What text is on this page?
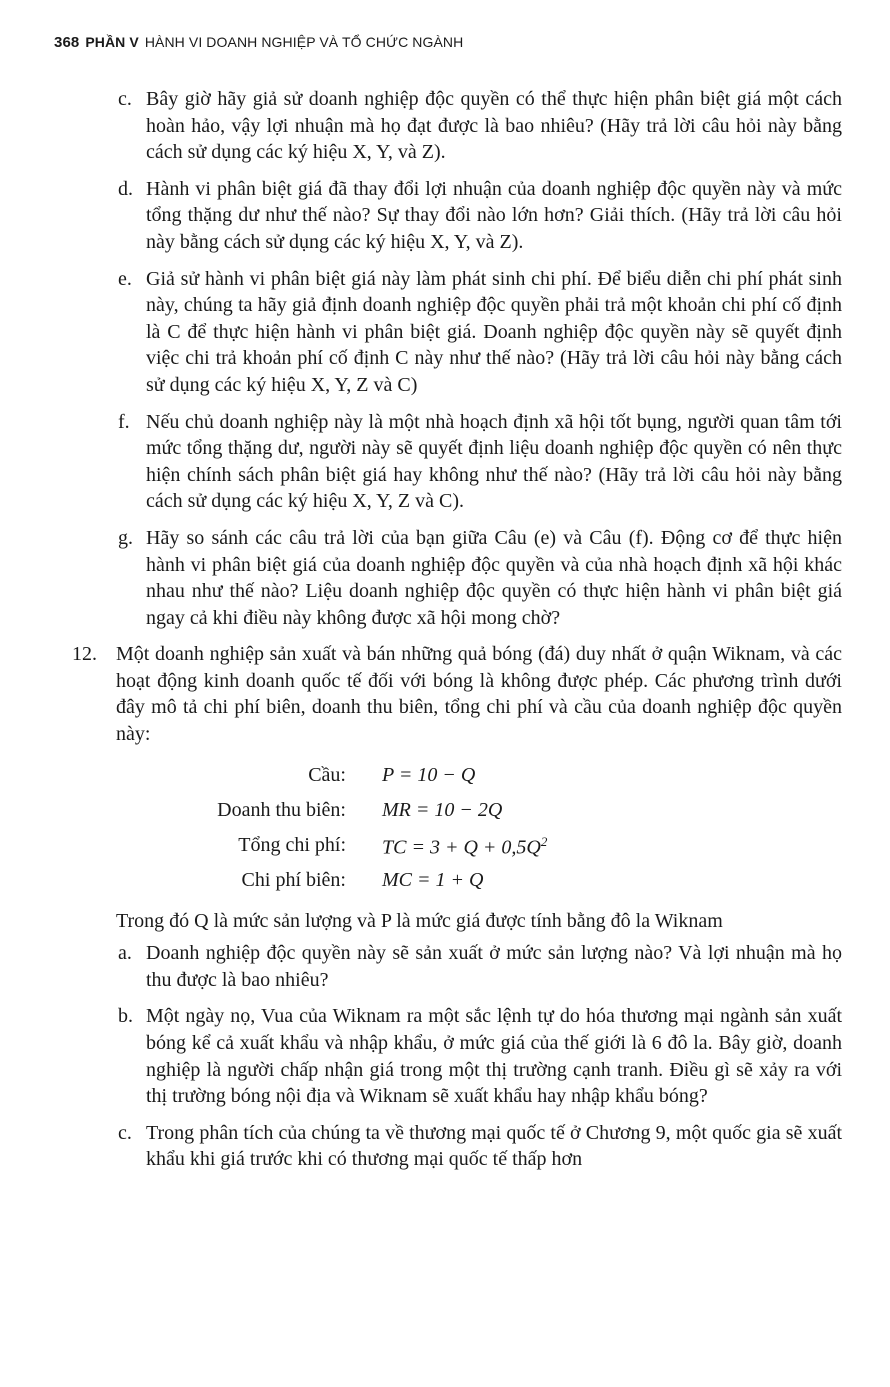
368 PHẦN V HÀNH VI DOANH NGHIỆP VÀ TỔ CHỨC NGÀNH
c. Bây giờ hãy giả sử doanh nghiệp độc quyền có thể thực hiện phân biệt giá một cách hoàn hảo, vậy lợi nhuận mà họ đạt được là bao nhiêu? (Hãy trả lời câu hỏi này bằng cách sử dụng các ký hiệu X, Y, và Z).
d. Hành vi phân biệt giá đã thay đổi lợi nhuận của doanh nghiệp độc quyền này và mức tổng thặng dư như thế nào? Sự thay đổi nào lớn hơn? Giải thích. (Hãy trả lời câu hỏi này bằng cách sử dụng các ký hiệu X, Y, và Z).
e. Giả sử hành vi phân biệt giá này làm phát sinh chi phí. Để biểu diễn chi phí phát sinh này, chúng ta hãy giả định doanh nghiệp độc quyền phải trả một khoản chi phí cố định là C để thực hiện hành vi phân biệt giá. Doanh nghiệp độc quyền này sẽ quyết định việc chi trả khoản phí cố định C này như thế nào? (Hãy trả lời câu hỏi này bằng cách sử dụng các ký hiệu X, Y, Z và C)
f. Nếu chủ doanh nghiệp này là một nhà hoạch định xã hội tốt bụng, người quan tâm tới mức tổng thặng dư, người này sẽ quyết định liệu doanh nghiệp độc quyền có nên thực hiện chính sách phân biệt giá hay không như thế nào? (Hãy trả lời câu hỏi này bằng cách sử dụng các ký hiệu X, Y, Z và C).
g. Hãy so sánh các câu trả lời của bạn giữa Câu (e) và Câu (f). Động cơ để thực hiện hành vi phân biệt giá của doanh nghiệp độc quyền và của nhà hoạch định xã hội khác nhau như thế nào? Liệu doanh nghiệp độc quyền có thực hiện hành vi phân biệt giá ngay cả khi điều này không được xã hội mong chờ?
12. Một doanh nghiệp sản xuất và bán những quả bóng (đá) duy nhất ở quận Wiknam, và các hoạt động kinh doanh quốc tế đối với bóng là không được phép. Các phương trình dưới đây mô tả chi phí biên, doanh thu biên, tổng chi phí và cầu của doanh nghiệp độc quyền này:
Cầu:	P = 10 − Q
Doanh thu biên:	MR = 10 − 2Q
Tổng chi phí:	TC = $3 + Q + 0,5Q^2$
Chi phí biên:	MC = 1 + Q
Trong đó Q là mức sản lượng và P là mức giá được tính bằng đô la Wiknam
a. Doanh nghiệp độc quyền này sẽ sản xuất ở mức sản lượng nào? Và lợi nhuận mà họ thu được là bao nhiêu?
b. Một ngày nọ, Vua của Wiknam ra một sắc lệnh tự do hóa thương mại ngành sản xuất bóng kể cả xuất khẩu và nhập khẩu, ở mức giá của thế giới là 6 đô la. Bây giờ, doanh nghiệp là người chấp nhận giá trong một thị trường cạnh tranh. Điều gì sẽ xảy ra với thị trường bóng nội địa và Wiknam sẽ xuất khẩu hay nhập khẩu bóng?
c. Trong phân tích của chúng ta về thương mại quốc tế ở Chương 9, một quốc gia sẽ xuất khẩu khi giá trước khi có thương mại quốc tế thấp hơn
